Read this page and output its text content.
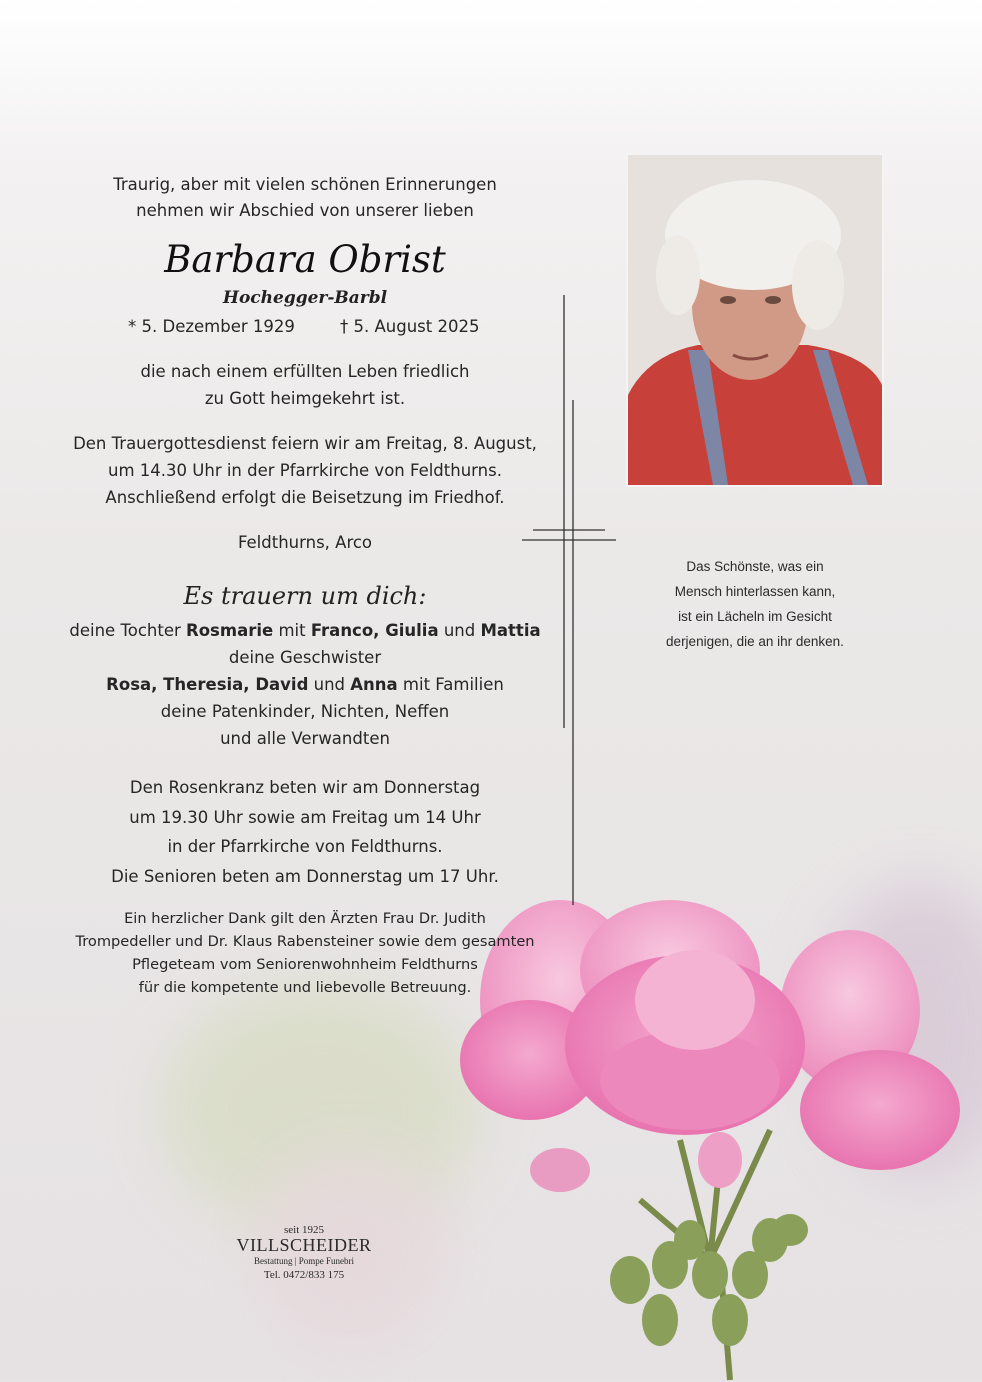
Traurig, aber mit vielen schönen Erinnerungen
nehmen wir Abschied von unserer lieben
Barbara Obrist
Hochegger-Barbl
* 5. Dezember 1929	† 5. August 2025
die nach einem erfüllten Leben friedlich
zu Gott heimgekehrt ist.
Den Trauergottesdienst feiern wir am Freitag, 8. August,
um 14.30 Uhr in der Pfarrkirche von Feldthurns.
Anschließend erfolgt die Beisetzung im Friedhof.
Feldthurns, Arco
Es trauern um dich:
deine Tochter Rosmarie mit Franco, Giulia und Mattia
deine Geschwister
Rosa, Theresia, David und Anna mit Familien
deine Patenkinder, Nichten, Neffen
und alle Verwandten
Den Rosenkranz beten wir am Donnerstag
um 19.30 Uhr sowie am Freitag um 14 Uhr
in der Pfarrkirche von Feldthurns.
Die Senioren beten am Donnerstag um 17 Uhr.
Ein herzlicher Dank gilt den Ärzten Frau Dr. Judith
Trompedeller und Dr. Klaus Rabensteiner sowie dem gesamten
Pflegeteam vom Seniorenwohnheim Feldthurns
für die kompetente und liebevolle Betreuung.
Das Schönste, was ein
Mensch hinterlassen kann,
ist ein Lächeln im Gesicht
derjenigen, die an ihr denken.
seit 1925
VILLSCHEIDER
Bestattung | Pompe Funebri
Tel. 0472/833 175
